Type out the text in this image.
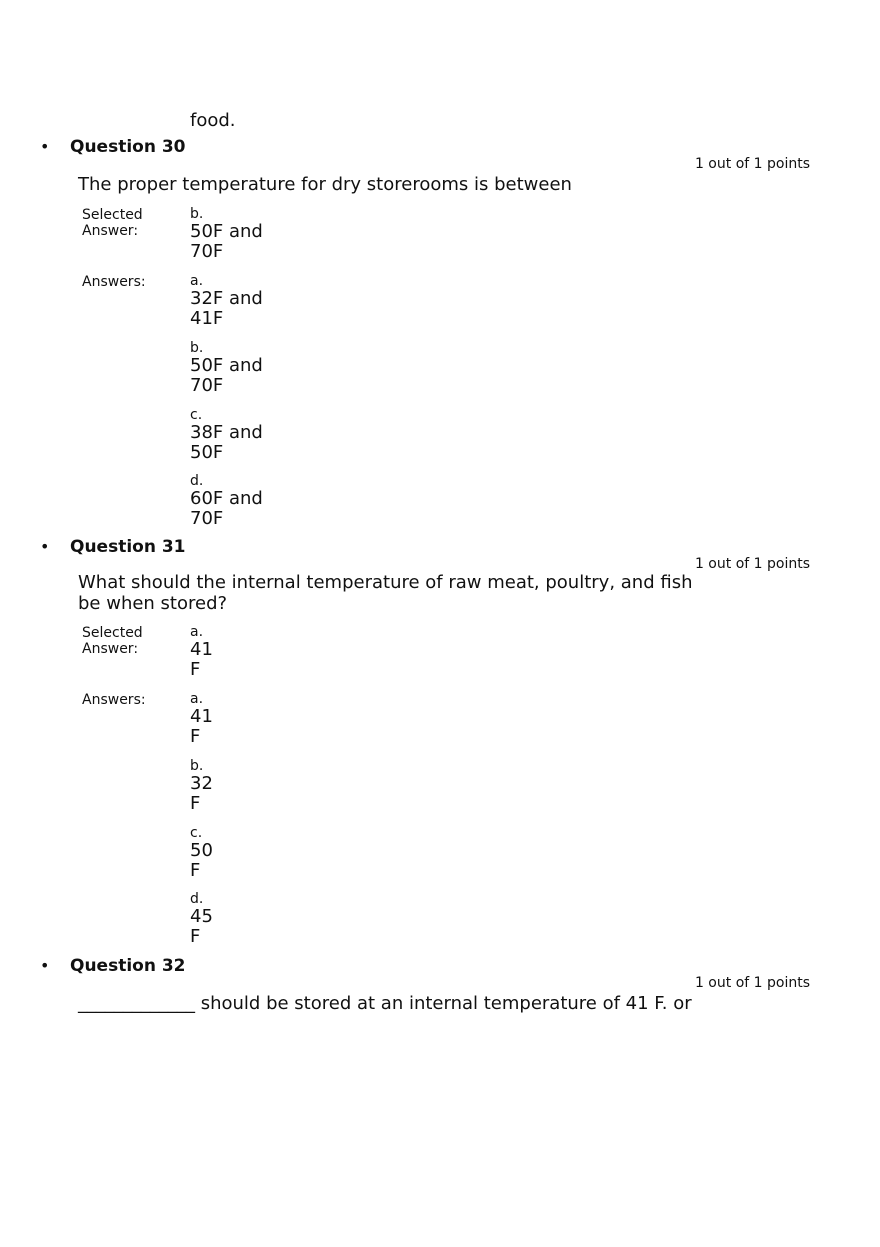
food.
• Question 30
1 out of 1 points
The proper temperature for dry storerooms is between
Selected
Answer:
b.
50F and
70F
Answers:	a.
32F and
41F
b.
50F and
70F
c.
38F and
50F
d.
60F and
70F
• Question 31
1 out of 1 points
What should the internal temperature of raw meat, poultry, and fish be when stored?
Selected
Answer:
a.
41
F
Answers:	a.
41
F
b.
32
F
c.
50
F
d.
45
F
• Question 32
1 out of 1 points
_____________ should be stored at an internal temperature of 41 F. or
